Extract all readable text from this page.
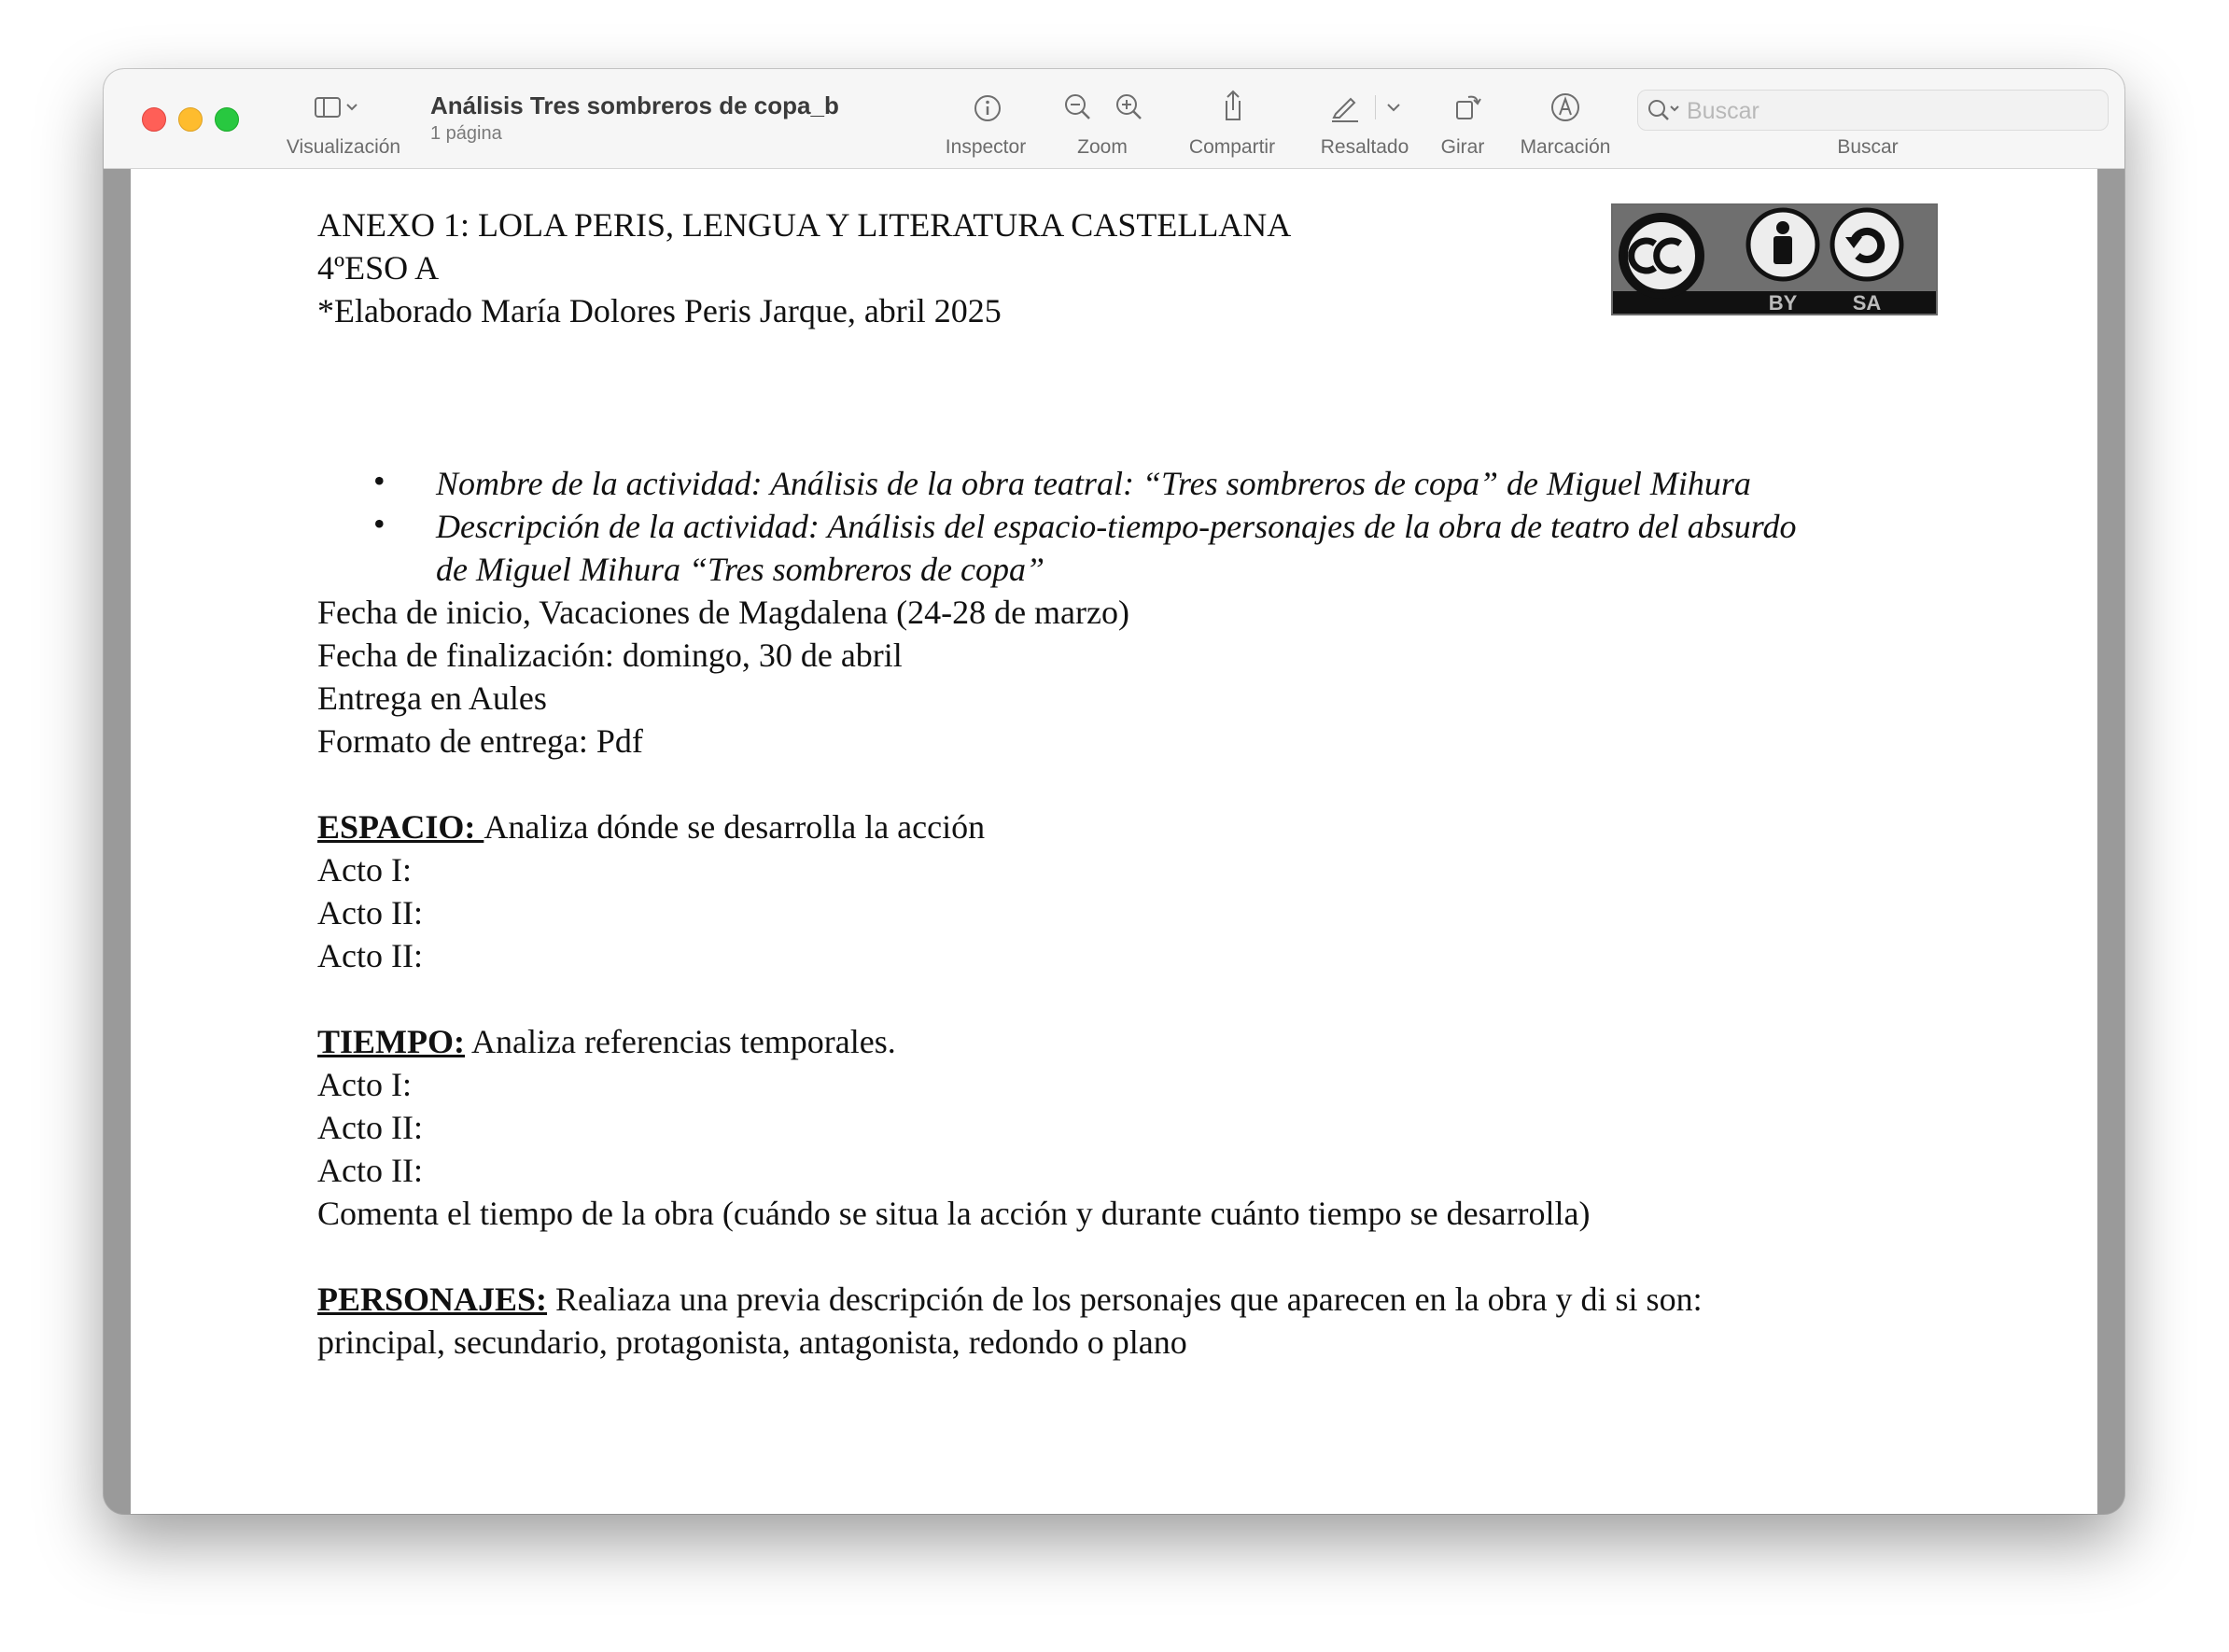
Visualización
Análisis Tres sombreros de copa_b
1 página
Inspector	Zoom	Compartir Resaltado Girar Marcación
Buscar
Buscar
ANEXO 1: LOLA PERIS, LENGUA Y LITERATURA CASTELLANA
4ºESO A
*Elaborado María Dolores Peris Jarque, abril 2025	BY	SA
• Nombre de la actividad: Análisis de la obra teatral: “Tres sombreros de copa” de Miguel Mihura
• Descripción de la actividad: Análisis del espacio-tiempo-personajes de la obra de teatro del absurdo
de Miguel Mihura “Tres sombreros de copa”
Fecha de inicio, Vacaciones de Magdalena (24-28 de marzo)
Fecha de finalización: domingo, 30 de abril
Entrega en Aules
Formato de entrega: Pdf
ESPACIO: Analiza dónde se desarrolla la acción
Acto I:
Acto II:
Acto II:
TIEMPO: Analiza referencias temporales.
Acto I:
Acto II:
Acto II:
Comenta el tiempo de la obra (cuándo se situa la acción y durante cuánto tiempo se desarrolla)
PERSONAJES: Realiaza una previa descripción de los personajes que aparecen en la obra y di si son:
principal, secundario, protagonista, antagonista, redondo o plano
